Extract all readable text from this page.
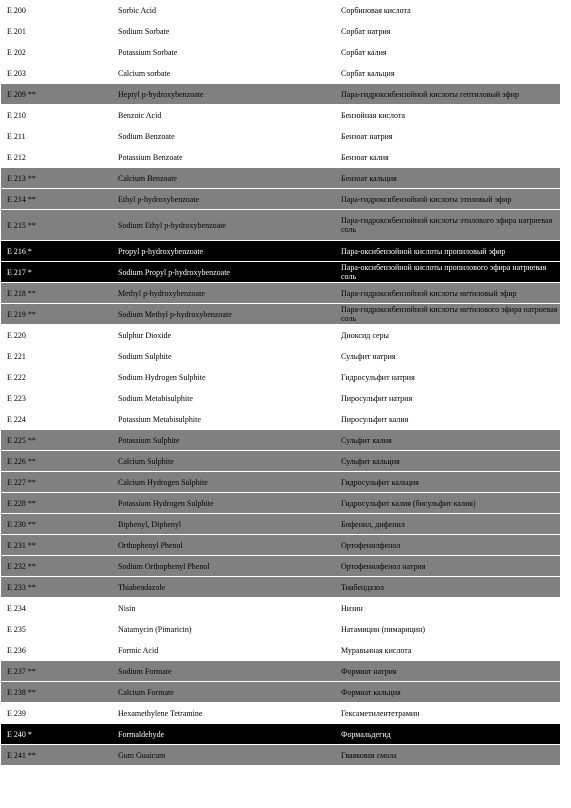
E 200	Sorbic Acid	Сорбиновая кислота
E 201	Sodium Sorbate	Сорбат натрия
E 202	Potassium Sorbate	Сорбат калия
E 203	Calcium sorbate	Сорбат кальция
E 209 **	Heptyl p-hydroxybenzoate	Пара-гидроксибензойной кислоты гептиловый эфир
E 210	Benzoic Acid	Бензойная кислота
E 211	Sodium Benzoate	Бензоат натрия
E 212	Potassium Benzoate	Бензоат калия
E 213 **	Calcium Benzoate	Бензоат кальция
E 214 **	Ethyl p-hydroxybenzoate	Пара-гидроксибензойной кислоты этиловый эфир
E 215 **	Sodium Ethyl p-hydroxybenzoate	Пара-гидроксибензойной кислоты этилового эфира натриевая соль
E 216 *	Propyl p-hydroxybenzoate	Пара-оксибензойной кислоты пропиловый эфир
E 217 *	Sodium Propyl p-hydroxybenzoate	Пара-оксибензойной кислоты пропилового эфира натриевая соль
E 218 **	Methyl p-hydroxybenzoate	Пара-гидроксибензойной кислоты метиловый эфир
E 219 **	Sodium Methyl p-hydroxybenzoate	Пара-гидроксибензойной кислоты метилового эфира натриевая соль
E 220	Sulphur Dioxide	Диоксид серы
E 221	Sodium Sulphite	Сульфит натрия
E 222	Sodium Hydrogen Sulphite	Гидросульфит натрия
E 223	Sodium Metabisulphite	Пиросульфит натрия
E 224	Potassium Metabisulphite	Пиросульфит калия
E 225 **	Potassium Sulphite	Сульфит калия
E 226 **	Calcium Sulphite	Сульфит кальция
E 227 **	Calcium Hydrogen Sulphite	Гидросульфит кальция
E 228 **	Potassium Hydrogen Sulphite	Гидросульфит калия (бисульфит калия)
E 230 **	Biphenyl, Diphenyl	Бифенил, дифенил
E 231 **	Orthophenyl Phenol	Ортофенилфенол
E 232 **	Sodium Orthophenyl Phenol	Ортофенилфенол натрия
E 233 **	Thiabendazole	Тиабендазол
E 234	Nisin	Низин
E 235	Natamycin (Pimaricin)	Натамицин (пимарицин)
E 236	Formic Acid	Муравьиная кислота
E 237 **	Sodium Formate	Формиат натрия
E 238 **	Calcium Formate	Формиат кальция
E 239	Hexamethylene Tetramine	Гексаметилентетрамин
E 240 *	Formaldehyde	Формальдегид
E 241 **	Gum Guaicum	Гваяковая смола
